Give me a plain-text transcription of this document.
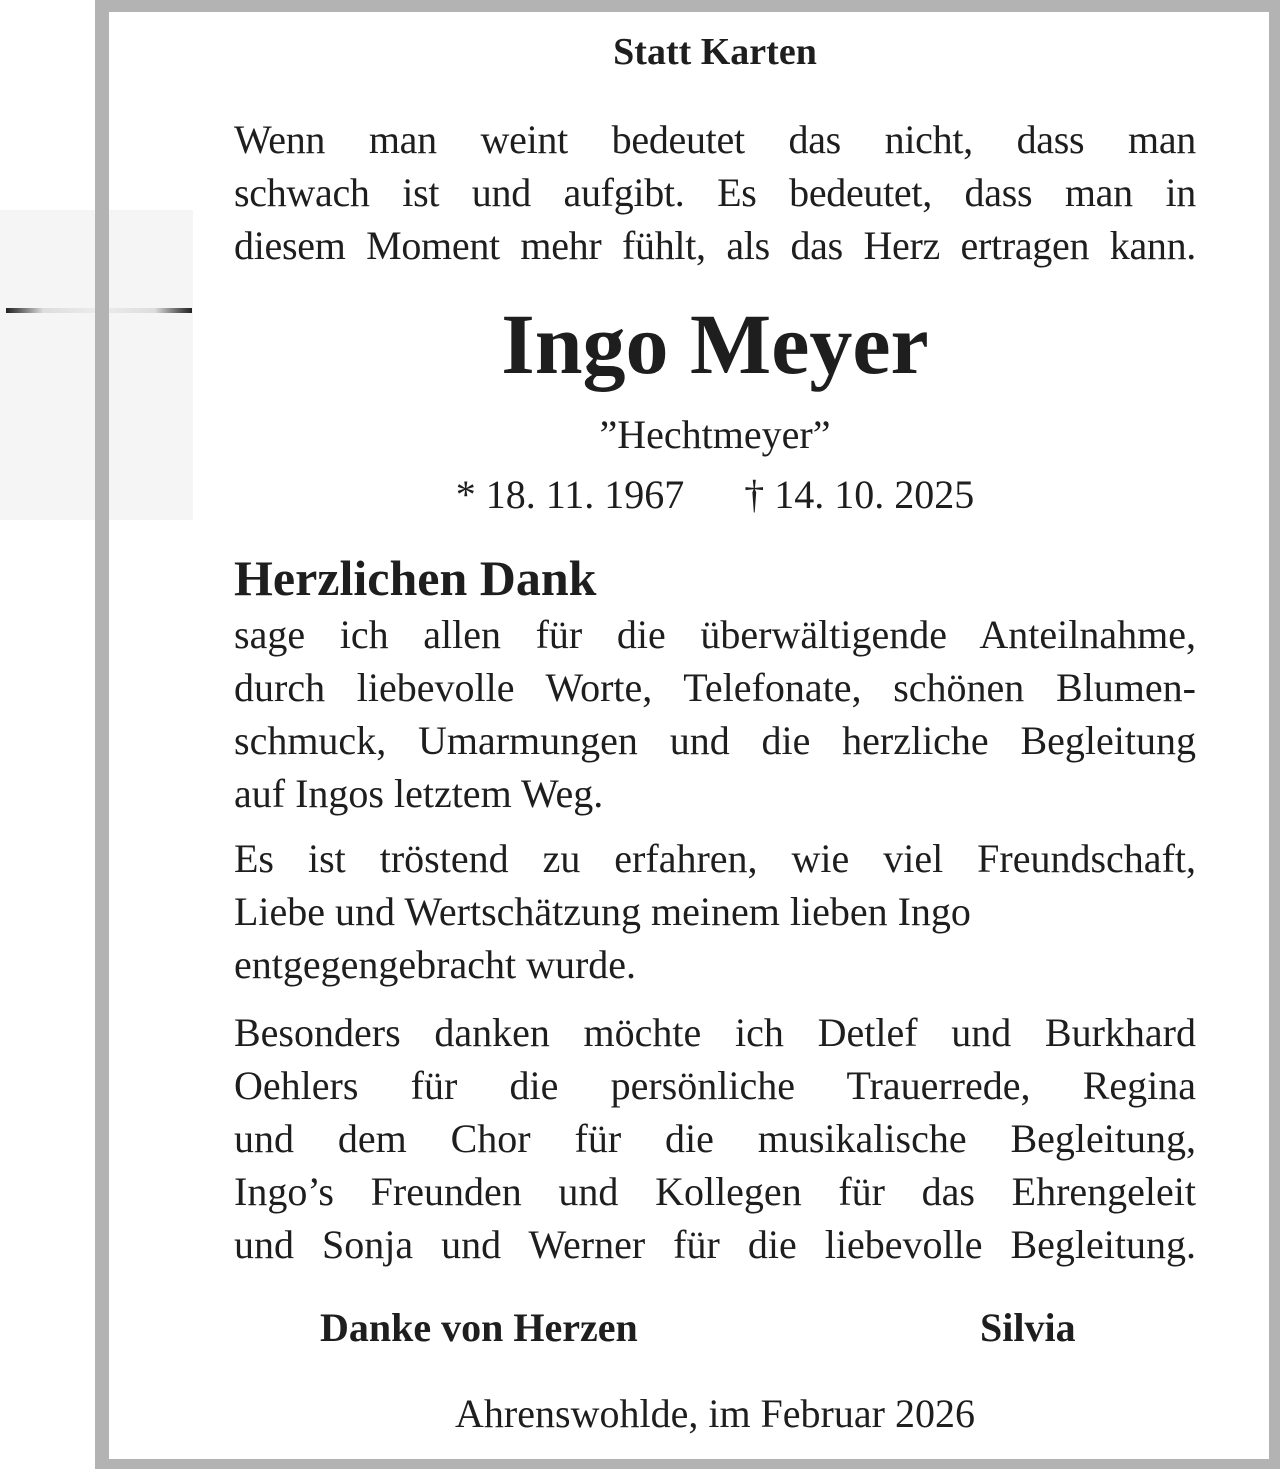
Statt Karten
Wenn man weint bedeutet das nicht, dass man
schwach ist und aufgibt. Es bedeutet, dass man in
diesem Moment mehr fühlt, als das Herz ertragen kann.
Ingo Meyer
”Hechtmeyer”
* 18. 11. 1967 † 14. 10. 2025
Herzlichen Dank
sage ich allen für die überwältigende Anteilnahme,
durch liebevolle Worte, Telefonate, schönen Blumen-
schmuck, Umarmungen und die herzliche Begleitung
auf Ingos letztem Weg.
Es ist tröstend zu erfahren, wie viel Freundschaft,
Liebe und Wertschätzung meinem lieben Ingo
entgegengebracht wurde.
Besonders danken möchte ich Detlef und Burkhard
Oehlers für die persönliche Trauerrede, Regina
und dem Chor für die musikalische Begleitung,
Ingo’s Freunden und Kollegen für das Ehrengeleit
und Sonja und Werner für die liebevolle Begleitung.
Danke von Herzen	Silvia
Ahrenswohlde, im Februar 2026
